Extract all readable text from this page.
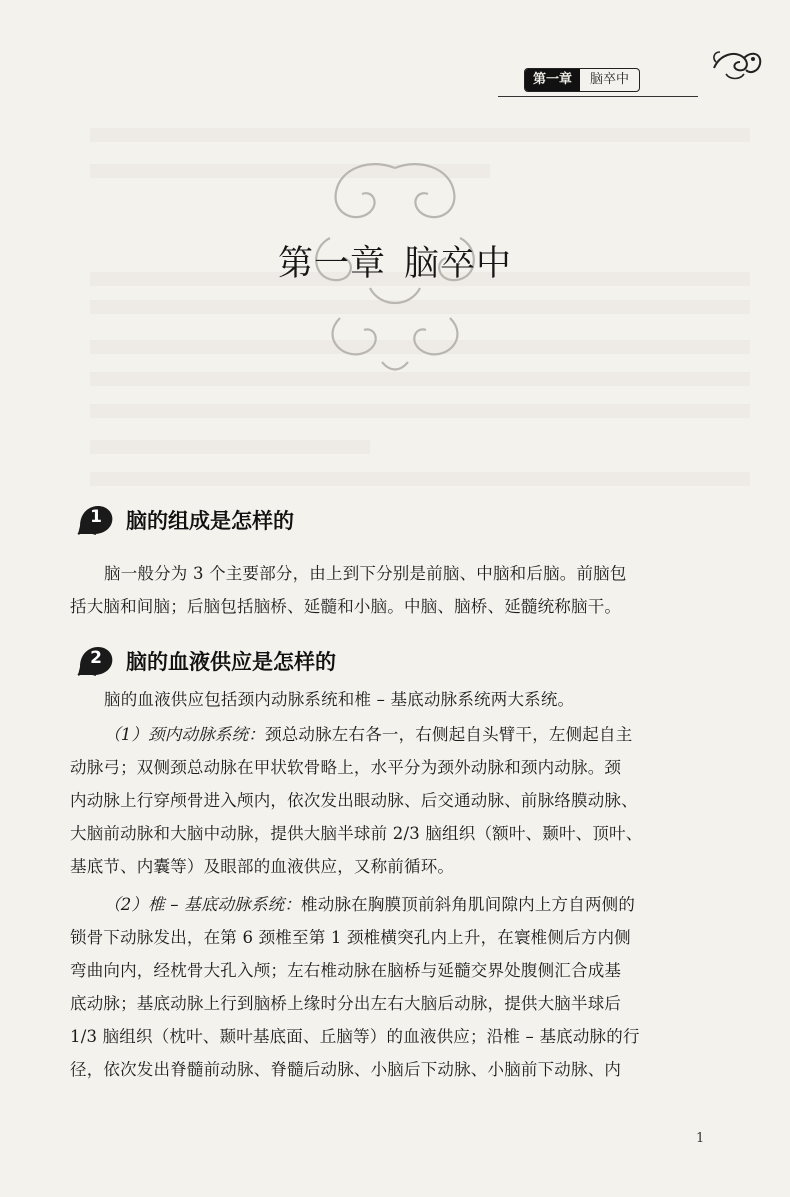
第一章	脑卒中
第一章 脑卒中
1	脑的组成是怎样的
脑一般分为 3 个主要部分，由上到下分别是前脑、中脑和后脑。前脑包
括大脑和间脑；后脑包括脑桥、延髓和小脑。中脑、脑桥、延髓统称脑干。
2	脑的血液供应是怎样的
脑的血液供应包括颈内动脉系统和椎 – 基底动脉系统两大系统。
（1）颈内动脉系统：颈总动脉左右各一，右侧起自头臂干，左侧起自主
动脉弓；双侧颈总动脉在甲状软骨略上，水平分为颈外动脉和颈内动脉。颈
内动脉上行穿颅骨进入颅内，依次发出眼动脉、后交通动脉、前脉络膜动脉、
大脑前动脉和大脑中动脉，提供大脑半球前 2/3 脑组织（额叶、颞叶、顶叶、
基底节、内囊等）及眼部的血液供应，又称前循环。
（2）椎 – 基底动脉系统：椎动脉在胸膜顶前斜角肌间隙内上方自两侧的
锁骨下动脉发出，在第 6 颈椎至第 1 颈椎横突孔内上升，在寰椎侧后方内侧
弯曲向内，经枕骨大孔入颅；左右椎动脉在脑桥与延髓交界处腹侧汇合成基
底动脉；基底动脉上行到脑桥上缘时分出左右大脑后动脉，提供大脑半球后
1/3 脑组织（枕叶、颞叶基底面、丘脑等）的血液供应；沿椎 – 基底动脉的行
径，依次发出脊髓前动脉、脊髓后动脉、小脑后下动脉、小脑前下动脉、内
1
